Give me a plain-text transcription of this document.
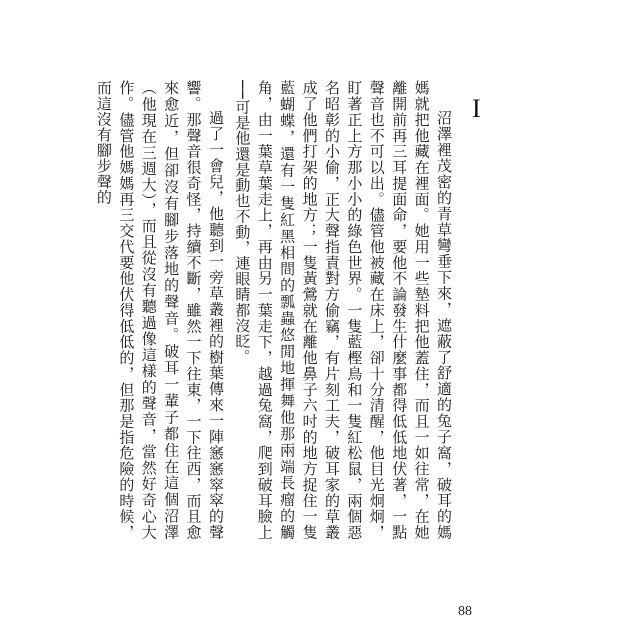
I

沼澤裡茂密的青草彎垂下來，遮蔽了舒適的兔子窩，破耳的媽媽就把他藏在裡面。她用一些墊料把他蓋住，而且一如往常，在她離開前再三耳提面命，要他不論發生什麼事都得低低地伏著，一點聲音也不可以出。儘管他被藏在床上，卻十分清醒，他目光炯炯，盯著正上方那小小的綠色世界。一隻藍樫鳥和一隻紅松鼠，兩個惡名昭彰的小偷，正大聲指責對方偷竊，有片刻工夫，破耳家的草叢成了他們打架的地方；一隻黃鶯就在離他鼻子六吋的地方捉住一隻藍蝴蝶，還有一隻紅黑相間的瓢蟲悠閒地揮舞他那兩端長瘤的觸角，由一葉草葉走上，再由另一葉走下，越過兔窩，爬到破耳臉上──可是他還是動也不動，連眼睛都沒眨。

過了一會兒，他聽到一旁草叢裡的樹葉傳來一陣窸窸窣窣的聲響。那聲音很奇怪，持續不斷，雖然一下往東，一下往西，而且愈來愈近，但卻沒有腳步落地的聲音。破耳一輩子都住在這個沼澤（他現在三週大），而且從沒有聽過像這樣的聲音，當然好奇心大作。儘管他媽媽再三交代要他伏得低低的，但那是指危險的時候，而這沒有腳步聲的

88
